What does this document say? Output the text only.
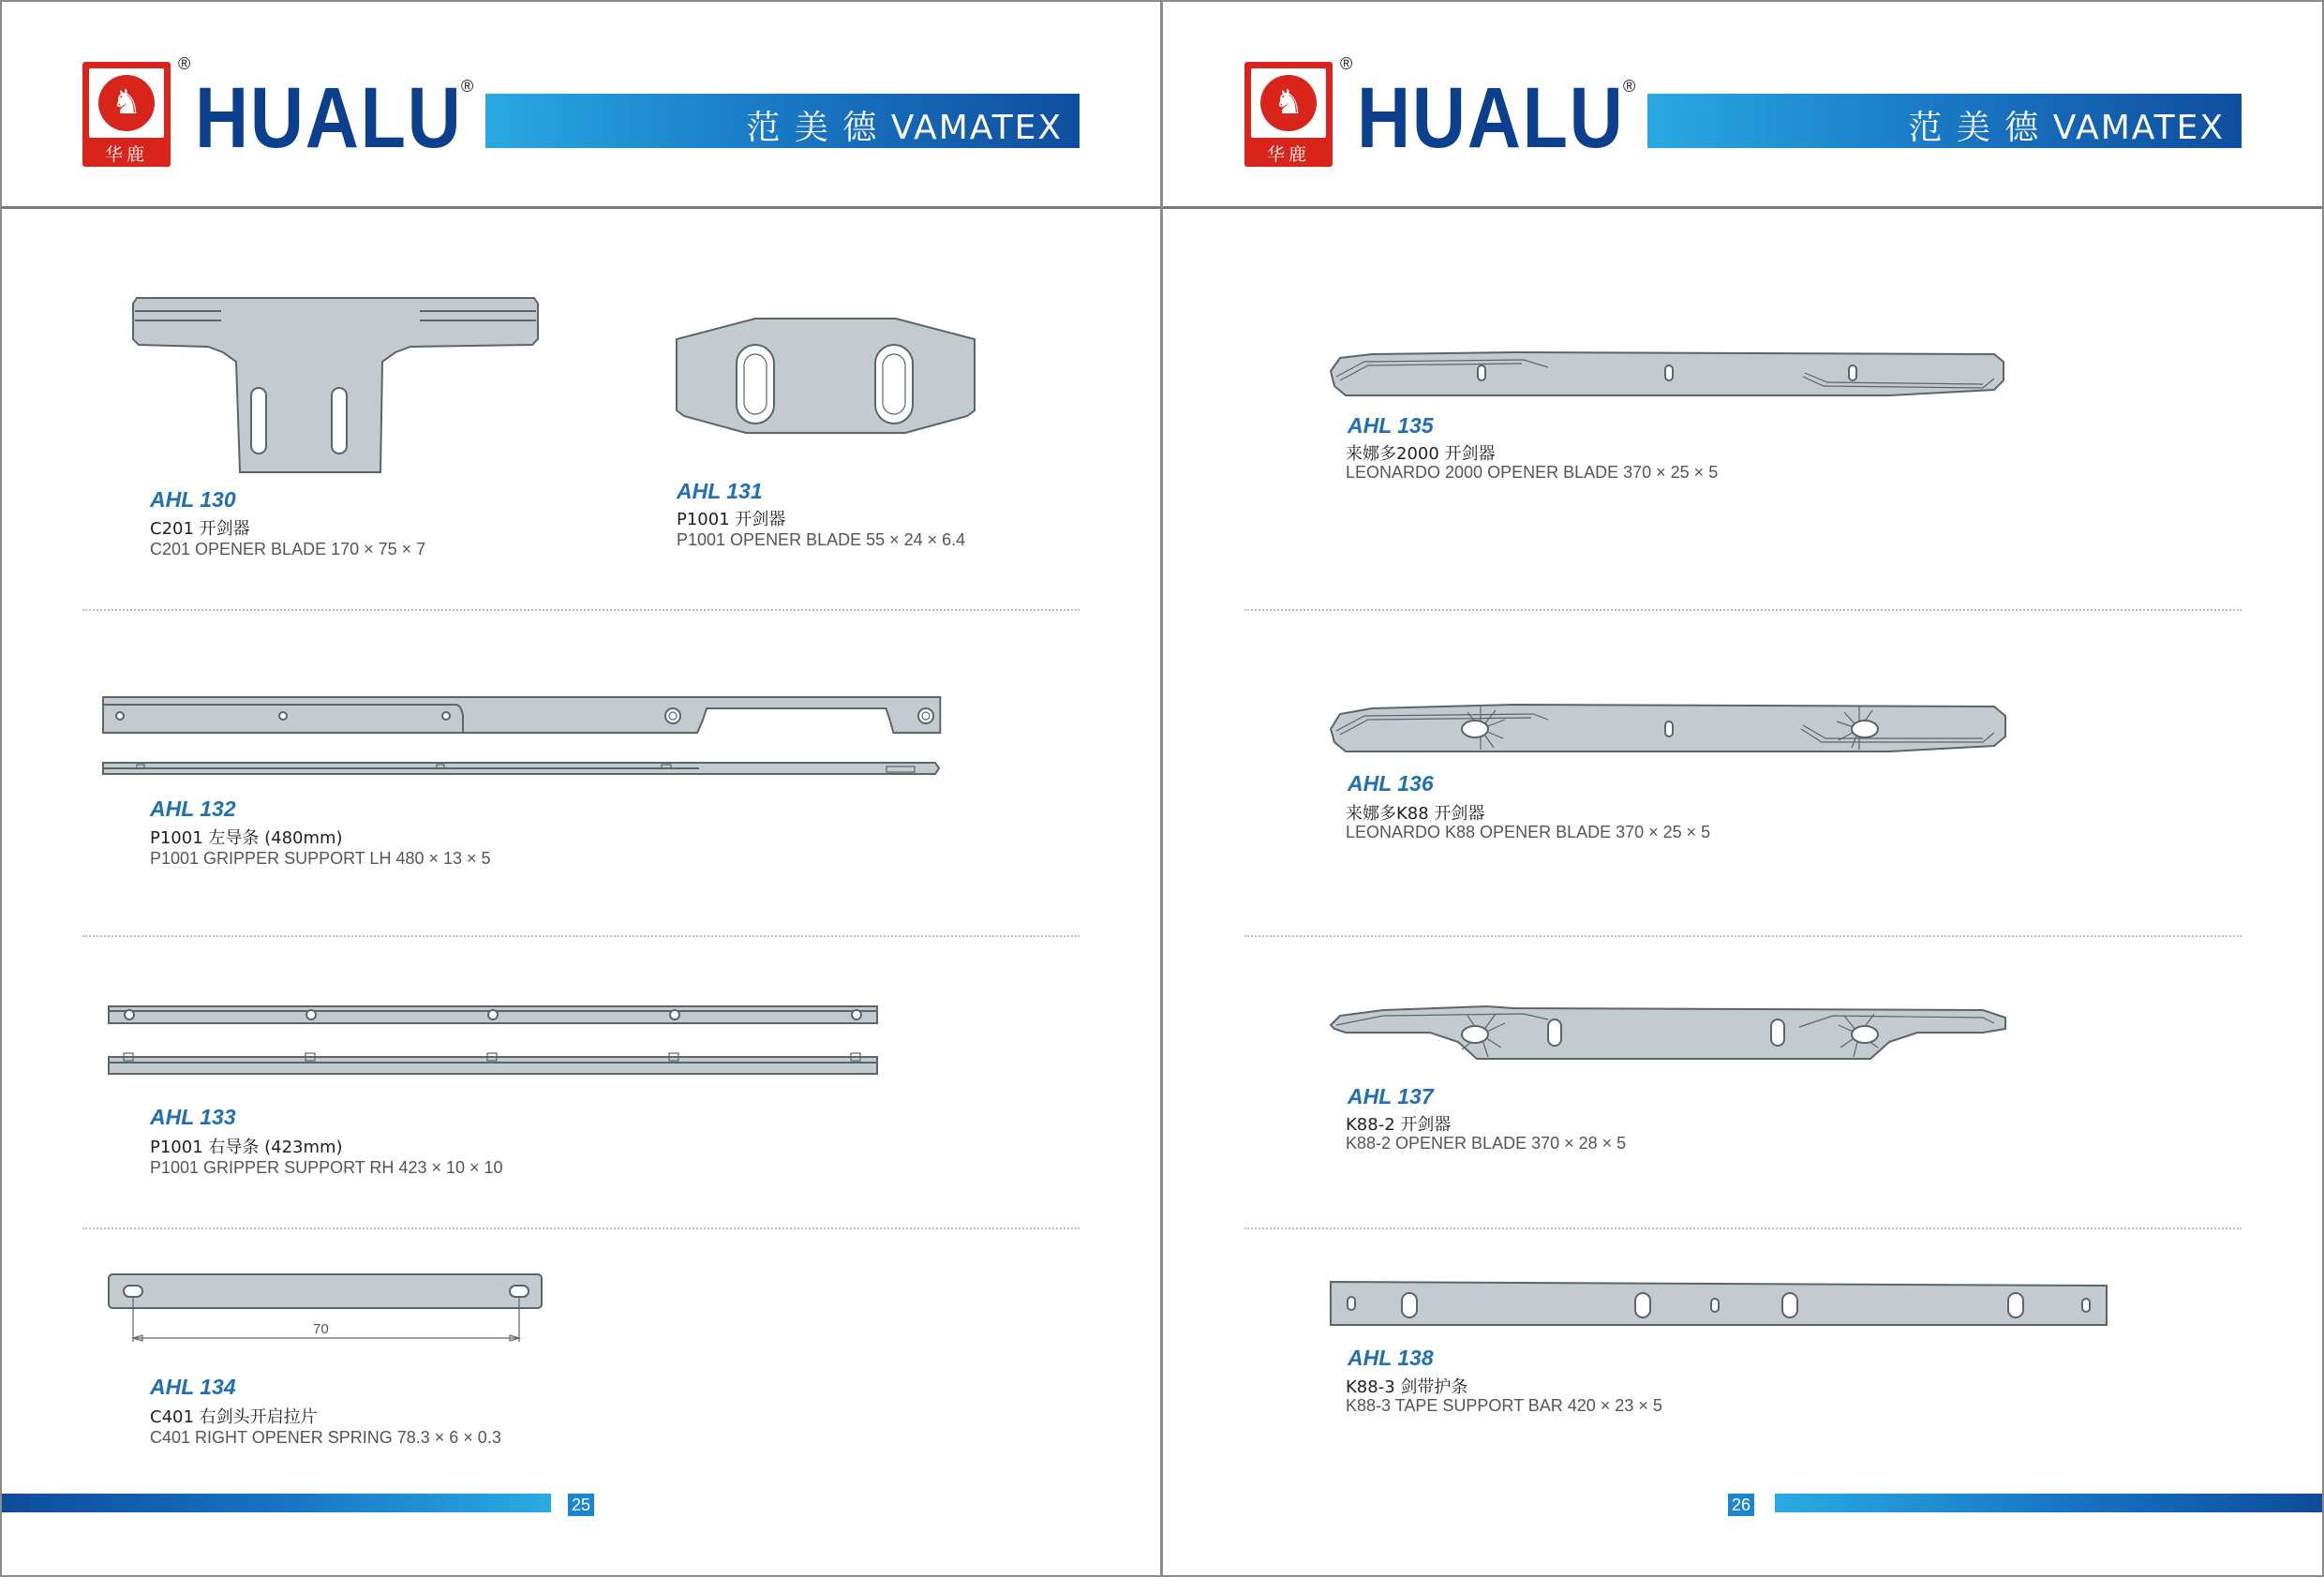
♞
华鹿
®
HUALU
®
范 美 德 VAMATEX
AHL 130
C201 开剑器
C201 OPENER BLADE 170 × 75 × 7
AHL 131
P1001 开剑器
P1001 OPENER BLADE 55 × 24 × 6.4
AHL 132
P1001 左导条 (480mm)
P1001 GRIPPER SUPPORT LH 480 × 13 × 5
AHL 133
P1001 右导条 (423mm)
P1001 GRIPPER SUPPORT RH 423 × 10 × 10
70
AHL 134
C401 右剑头开启拉片
C401 RIGHT OPENER SPRING 78.3 × 6 × 0.3
25
♞
华鹿
®
HUALU
®
范 美 德 VAMATEX
AHL 135
来娜多2000 开剑器
LEONARDO 2000 OPENER BLADE 370 × 25 × 5
AHL 136
来娜多K88 开剑器
LEONARDO K88 OPENER BLADE 370 × 25 × 5
AHL 137
K88-2 开剑器
K88-2 OPENER BLADE 370 × 28 × 5
AHL 138
K88-3 剑带护条
K88-3 TAPE SUPPORT BAR 420 × 23 × 5
26
